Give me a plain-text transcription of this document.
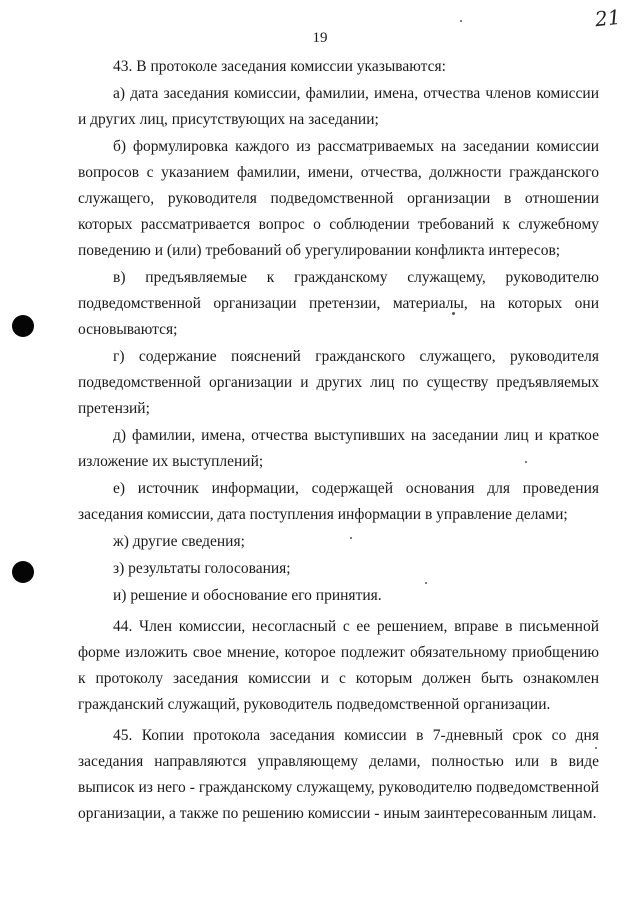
19
21

43. В протоколе заседания комиссии указываются:

а) дата заседания комиссии, фамилии, имена, отчества членов комиссии и других лиц, присутствующих на заседании;

б) формулировка каждого из рассматриваемых на заседании комиссии вопросов с указанием фамилии, имени, отчества, должности гражданского служащего, руководителя подведомственной организации в отношении которых рассматривается вопрос о соблюдении требований к служебному поведению и (или) требований об урегулировании конфликта интересов;

в) предъявляемые к гражданскому служащему, руководителю подведомственной организации претензии, материалы, на которых они основываются;

г) содержание пояснений гражданского служащего, руководителя подведомственной организации и других лиц по существу предъявляемых претензий;

д) фамилии, имена, отчества выступивших на заседании лиц и краткое изложение их выступлений;

е) источник информации, содержащей основания для проведения заседания комиссии, дата поступления информации в управление делами;

ж) другие сведения;

з) результаты голосования;

и) решение и обоснование его принятия.

44. Член комиссии, несогласный с ее решением, вправе в письменной форме изложить свое мнение, которое подлежит обязательному приобщению к протоколу заседания комиссии и с которым должен быть ознакомлен гражданский служащий, руководитель подведомственной организации.

45. Копии протокола заседания комиссии в 7-дневный срок со дня заседания направляются управляющему делами, полностью или в виде выписок из него - гражданскому служащему, руководителю подведомственной организации, а также по решению комиссии - иным заинтересованным лицам.
